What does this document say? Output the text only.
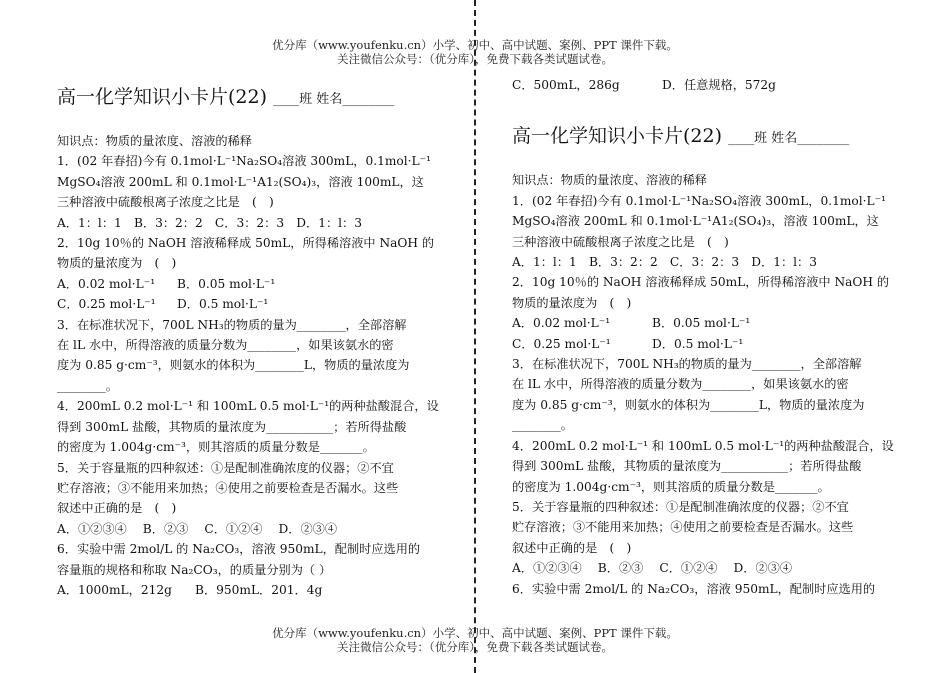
优分库（www.youfenku.cn）小学、初中、高中试题、案例、PPT 课件下载。
关注微信公众号：（优分库），免费下载各类试题试卷。

高一化学知识小卡片(22) ____班 姓名________

知识点：物质的量浓度、溶液的稀释

1．(02 年春招)今有 0.1mol·L⁻¹Na₂SO₄溶液 300mL，0.1mol·L⁻¹

MgSO₄溶液 200mL 和 0.1mol·L⁻¹A1₂(SO₄)₃，溶液 100mL，这

三种溶液中硫酸根离子浓度之比是　(　)

A．1：l：1　B．3：2：2　C．3：2：3　D．1：l：3

2．10g 10％的 NaOH 溶液稀释成 50mL，所得稀溶液中 NaOH 的

物质的量浓度为　(　)

A．0.02 mol·L⁻¹ B．0.05 mol·L⁻¹

C．0.25 mol·L⁻¹ D．0.5 mol·L⁻¹

3．在标准状况下，700L NH₃的物质的量为________，全部溶解

在 lL 水中，所得溶液的质量分数为________，如果该氨水的密

度为 0.85 g·cm⁻³，则氨水的体积为________L，物质的量浓度为

________。

4．200mL 0.2 mol·L⁻¹ 和 100mL 0.5 mol·L⁻¹的两种盐酸混合，设

得到 300mL 盐酸，其物质的量浓度为___________；若所得盐酸

的密度为 1.004g·cm⁻³，则其溶质的质量分数是_______。

5．关于容量瓶的四种叙述：①是配制准确浓度的仪器；②不宜

贮存溶液；③不能用来加热；④使用之前要检查是否漏水。这些

叙述中正确的是　(　)

A．①②③④　 B．②③　 C．①②④　 D．②③④

6．实验中需 2mol/L 的 Na₂CO₃，溶液 950mL，配制时应选用的

容量瓶的规格和称取 Na₂CO₃，的质量分别为（ ）

A．1000mL，212g B．950mL．201．4g

C．500mL，286g	D．任意规格，572g

高一化学知识小卡片(22) ____班 姓名________

知识点：物质的量浓度、溶液的稀释

1．(02 年春招)今有 0.1mol·L⁻¹Na₂SO₄溶液 300mL，0.1mol·L⁻¹

MgSO₄溶液 200mL 和 0.1mol·L⁻¹A1₂(SO₄)₃，溶液 100mL，这

三种溶液中硫酸根离子浓度之比是　(　)

A．1：l：1　B．3：2：2　C．3：2：3　D．1：l：3

2．10g 10％的 NaOH 溶液稀释成 50mL，所得稀溶液中 NaOH 的

物质的量浓度为　(　)

A．0.02 mol·L⁻¹	B．0.05 mol·L⁻¹

C．0.25 mol·L⁻¹	D．0.5 mol·L⁻¹

3．在标准状况下，700L NH₃的物质的量为________，全部溶解

在 lL 水中，所得溶液的质量分数为________，如果该氨水的密

度为 0.85 g·cm⁻³，则氨水的体积为________L，物质的量浓度为

________。

4．200mL 0.2 mol·L⁻¹ 和 100mL 0.5 mol·L⁻¹的两种盐酸混合，设

得到 300mL 盐酸，其物质的量浓度为___________；若所得盐酸

的密度为 1.004g·cm⁻³，则其溶质的质量分数是_______。

5．关于容量瓶的四种叙述：①是配制准确浓度的仪器；②不宜

贮存溶液；③不能用来加热；④使用之前要检查是否漏水。这些

叙述中正确的是　(　)

A．①②③④　 B．②③　 C．①②④　 D．②③④

6．实验中需 2mol/L 的 Na₂CO₃，溶液 950mL，配制时应选用的

优分库（www.youfenku.cn）小学、初中、高中试题、案例、PPT 课件下载。
关注微信公众号：（优分库），免费下载各类试题试卷。
